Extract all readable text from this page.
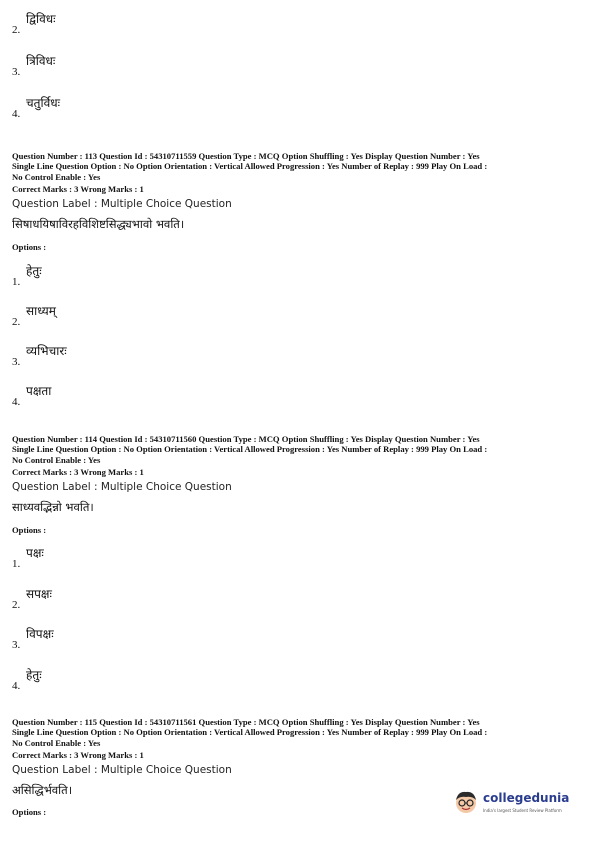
2.
द्विविधः
3.
त्रिविधः
4.
चतुर्विधः
Question Number : 113 Question Id : 54310711559 Question Type : MCQ Option Shuffling : Yes Display Question Number : Yes
Single Line Question Option : No Option Orientation : Vertical Allowed Progression : Yes Number of Replay : 999 Play On Load :
No Control Enable : Yes
Correct Marks : 3 Wrong Marks : 1
Question Label : Multiple Choice Question
सिषाधयिषाविरहविशिष्टसिद्ध्यभावो भवति।
Options :
1.
हेतुः
2.
साध्यम्
3.
व्यभिचारः
4.
पक्षता
Question Number : 114 Question Id : 54310711560 Question Type : MCQ Option Shuffling : Yes Display Question Number : Yes
Single Line Question Option : No Option Orientation : Vertical Allowed Progression : Yes Number of Replay : 999 Play On Load :
No Control Enable : Yes
Correct Marks : 3 Wrong Marks : 1
Question Label : Multiple Choice Question
साध्यवद्भिन्नो भवति।
Options :
1.
पक्षः
2.
सपक्षः
3.
विपक्षः
4.
हेतुः
Question Number : 115 Question Id : 54310711561 Question Type : MCQ Option Shuffling : Yes Display Question Number : Yes
Single Line Question Option : No Option Orientation : Vertical Allowed Progression : Yes Number of Replay : 999 Play On Load :
No Control Enable : Yes
Correct Marks : 3 Wrong Marks : 1
Question Label : Multiple Choice Question
असिद्धिर्भवति।
Options :
collegedunia
India's largest Student Review Platform
